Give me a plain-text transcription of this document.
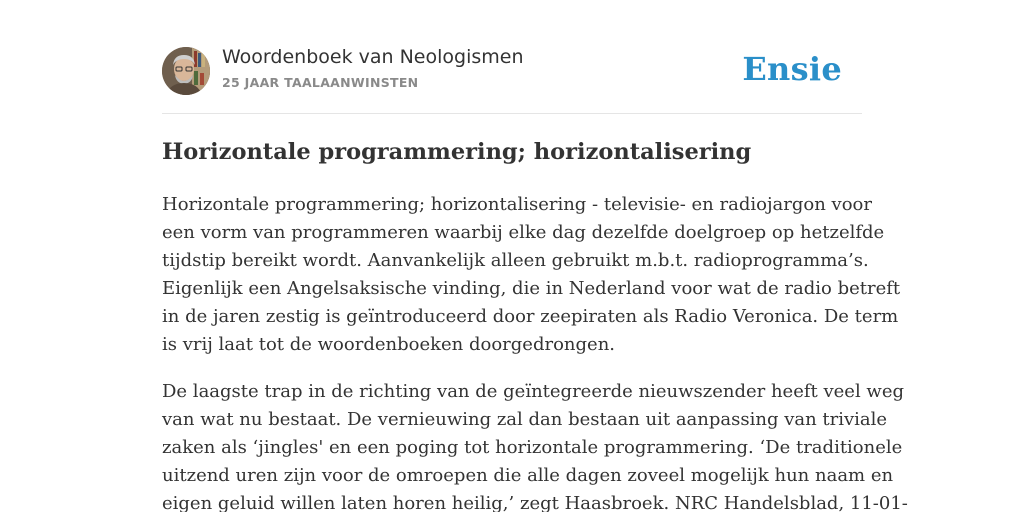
Woordenboek van Neologismen
25 JAAR TAALAANWINSTEN	Ensie
Horizontale programmering; horizontalisering

Horizontale programmering; horizontalisering - televisie- en radiojargon voor
een vorm van programmeren waarbij elke dag dezelfde doelgroep op hetzelfde
tijdstip bereikt wordt. Aanvankelijk alleen gebruikt m.b.t. radioprogramma’s.
Eigenlijk een Angelsaksische vinding, die in Nederland voor wat de radio betreft
in de jaren zestig is geïntroduceerd door zeepiraten als Radio Veronica. De term
is vrij laat tot de woordenboeken doorgedrongen.

De laagste trap in de richting van de geïntegreerde nieuwszender heeft veel weg
van wat nu bestaat. De vernieuwing zal dan bestaan uit aanpassing van triviale
zaken als ‘jingles' en een poging tot horizontale programmering. ‘De traditionele
uitzend uren zijn voor de omroepen die alle dagen zoveel mogelijk hun naam en
eigen geluid willen laten horen heilig,’ zegt Haasbroek. NRC Handelsblad, 11-01-
